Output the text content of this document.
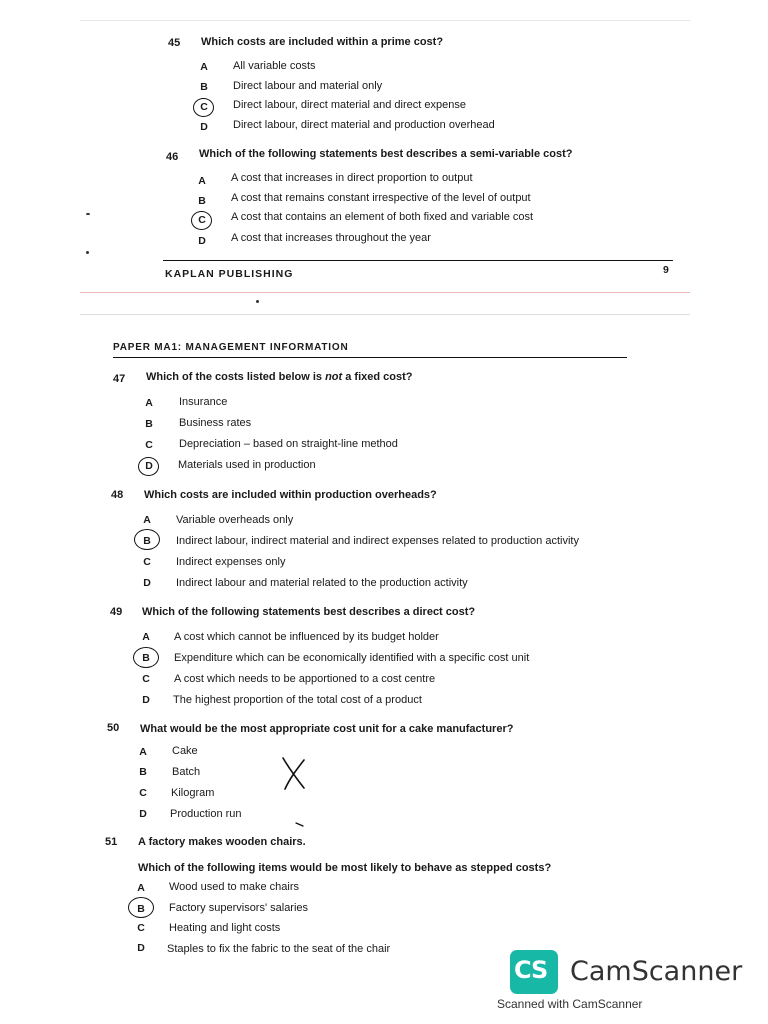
45 Which costs are included within a prime cost?
A	All variable costs
B	Direct labour and material only
C	Direct labour, direct material and direct expense
D	Direct labour, direct material and production overhead
46 Which of the following statements best describes a semi-variable cost?
A	A cost that increases in direct proportion to output
B	A cost that remains constant irrespective of the level of output
C	A cost that contains an element of both fixed and variable cost
D	A cost that increases throughout the year
KAPLAN PUBLISHING	9
PAPER MA1: MANAGEMENT INFORMATION
47 Which of the costs listed below is not a fixed cost?
A	Insurance
B	Business rates
C	Depreciation – based on straight-line method
D	Materials used in production
48 Which costs are included within production overheads?
A	Variable overheads only
B	Indirect labour, indirect material and indirect expenses related to production activity
C	Indirect expenses only
D	Indirect labour and material related to the production activity
49 Which of the following statements best describes a direct cost?
A	A cost which cannot be influenced by its budget holder
B	Expenditure which can be economically identified with a specific cost unit
C	A cost which needs to be apportioned to a cost centre
D	The highest proportion of the total cost of a product
50 What would be the most appropriate cost unit for a cake manufacturer?
A	Cake
B	Batch
C	Kilogram
D	Production run
51 A factory makes wooden chairs.
Which of the following items would be most likely to behave as stepped costs?
A	Wood used to make chairs
B	Factory supervisors' salaries
C	Heating and light costs
D	Staples to fix the fabric to the seat of the chair
CS CamScanner
Scanned with CamScanner
